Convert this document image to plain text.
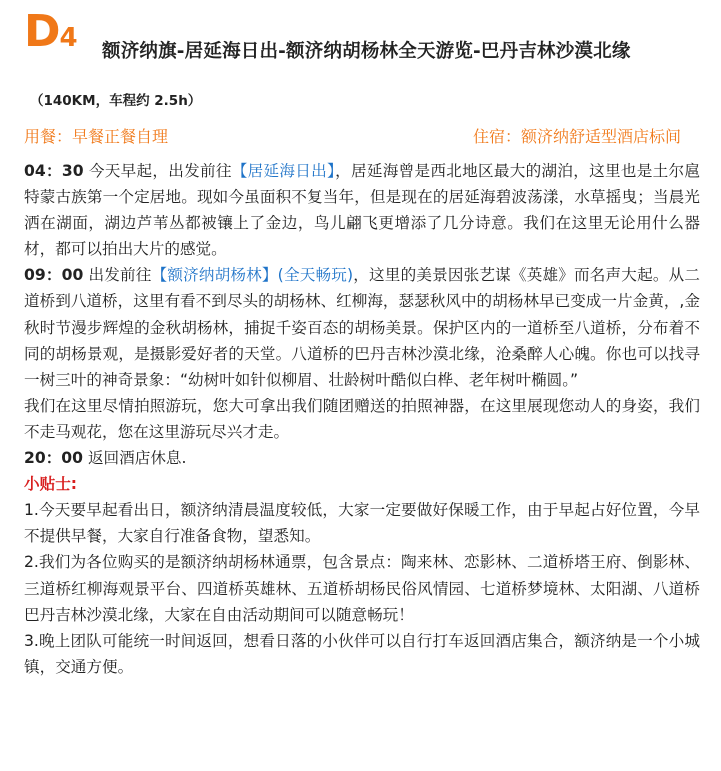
D4 额济纳旗-居延海日出-额济纳胡杨林全天游览-巴丹吉林沙漠北缘
（140KM，车程约 2.5h）
用餐：早餐正餐自理	住宿：额济纳舒适型酒店标间

04：30 今天早起，出发前往【居延海日出】，居延海曾是西北地区最大的湖泊，这里也是土尔扈特蒙古族第一个定居地。现如今虽面积不复当年，但是现在的居延海碧波荡漾，水草摇曳；当晨光洒在湖面，湖边芦苇丛都被镶上了金边，鸟儿翩飞更增添了几分诗意。我们在这里无论用什么器材，都可以拍出大片的感觉。

09：00 出发前往【额济纳胡杨林】(全天畅玩)，这里的美景因张艺谋《英雄》而名声大起。从二道桥到八道桥，这里有看不到尽头的胡杨林、红柳海，瑟瑟秋风中的胡杨林早已变成一片金黄，,金秋时节漫步辉煌的金秋胡杨林，捕捉千姿百态的胡杨美景。保护区内的一道桥至八道桥，分布着不同的胡杨景观，是摄影爱好者的天堂。八道桥的巴丹吉林沙漠北缘，沧桑醉人心魄。你也可以找寻一树三叶的神奇景象：“幼树叶如针似柳眉、壮龄树叶酷似白桦、老年树叶椭圆。”

我们在这里尽情拍照游玩，您大可拿出我们随团赠送的拍照神器，在这里展现您动人的身姿，我们不走马观花，您在这里游玩尽兴才走。

20：00 返回酒店休息.

小贴士:

1.今天要早起看出日，额济纳清晨温度较低，大家一定要做好保暖工作，由于早起占好位置，今早不提供早餐，大家自行准备食物，望悉知。

2.我们为各位购买的是额济纳胡杨林通票，包含景点：陶来林、恋影林、二道桥塔王府、倒影林、三道桥红柳海观景平台、四道桥英雄林、五道桥胡杨民俗风情园、七道桥梦境林、太阳湖、八道桥巴丹吉林沙漠北缘，大家在自由活动期间可以随意畅玩！

3.晚上团队可能统一时间返回，想看日落的小伙伴可以自行打车返回酒店集合，额济纳是一个小城镇，交通方便。
